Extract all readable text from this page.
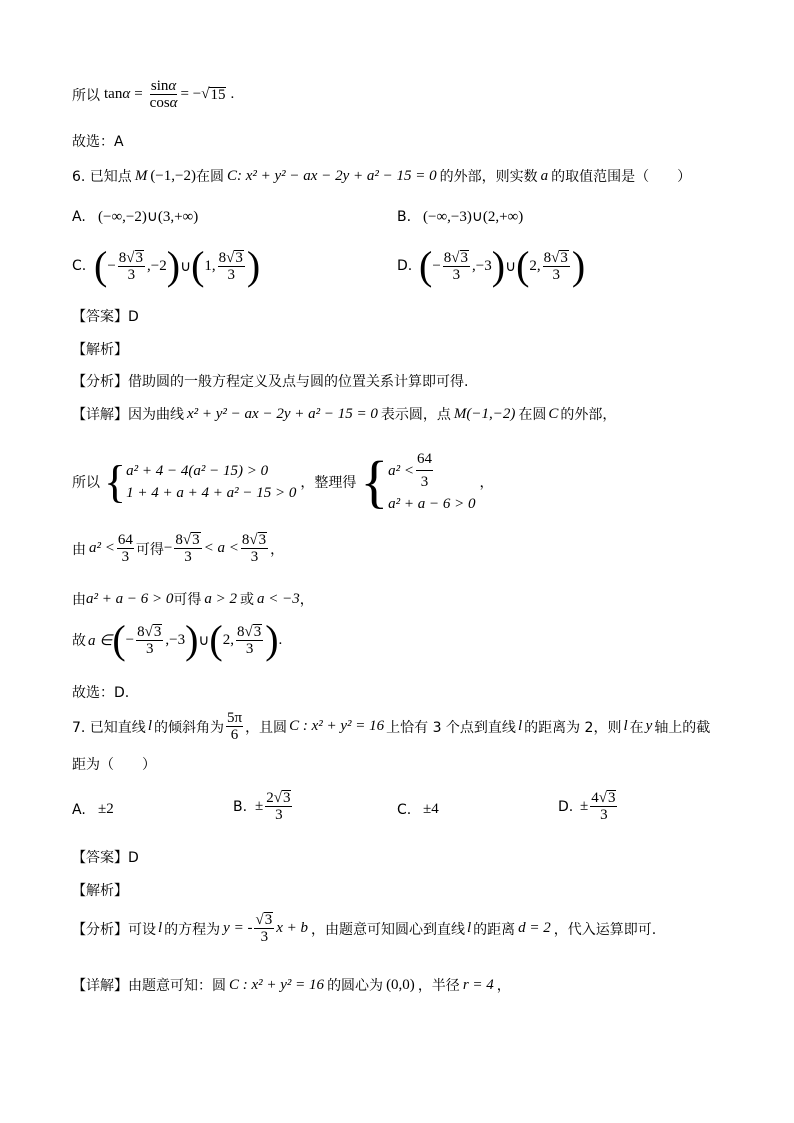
所以 $\tan \alpha = \frac{\sin\alpha}{\cos\alpha}$ = − √ 15 .
故选：A
6. 已知点 M (−1,−2) 在圆 C : x² + y² − ax − 2y + a² − 15 = 0 的外部，则实数 a 的取值范围是（　　）
A. (−∞,−2)∪(3,+∞)	B. (−∞,−3)∪(2,+∞)
C. ( − $\frac{8√ 3}{3} ,-2$ ) ∪ ( 1, $\frac{8√ 3}{3}$ )	D. ( − $\frac{8√ 3}{3} ,-3$ ) ∪ ( 2, $\frac{8√ 3}{3}$ )
【答案】D
【解析】
【分析】借助圆的一般方程定义及点与圆的位置关系计算即可得.
【详解】因为曲线 x² + y² − ax − 2y + a² − 15 = 0 表示圆，点 M(−1,−2) 在圆 C 的外部，
所以 { a² + 4 − 4(a² − 15) > 0
1 + 4 + a + 4 + a² − 15 > 0
，整理得 { $a^2 < \frac{64}{3}$
a² + a − 6 > 0
，
由 $a^2 < \frac{64}{3}$ 可得 − $\frac{8√ 3}{3} < a < \frac{8√ 3}{3}$ ，
由 a² + a − 6 > 0 可得 a > 2 或 a < −3 ，
故 a ∈ ( − $\frac{8√ 3}{3} ,-3$ ) ∪ ( 2, $\frac{8√ 3}{3}$ ) .
故选：D.
7. 已知直线 l 的倾斜角为 $\frac{5\pi}{6}$ ，且圆 C : x² + y² = 16 上恰有 3 个点到直线 l 的距离为 2，则 l 在 y 轴上的截
距为（　　）
A. ±2	B. ± $\frac{2√ 3}{3}$	C. ±4	D. ± $\frac{4√ 3}{3}$
【答案】D
【解析】
【分析】可设 l 的方程为 y = - $\frac{√ 3}{3}$ x + b ，由题意可知圆心到直线 l 的距离 d = 2 ，代入运算即可.
【详解】由题意可知：圆 C : x² + y² = 16 的圆心为 (0,0) ，半径 r = 4 ，
